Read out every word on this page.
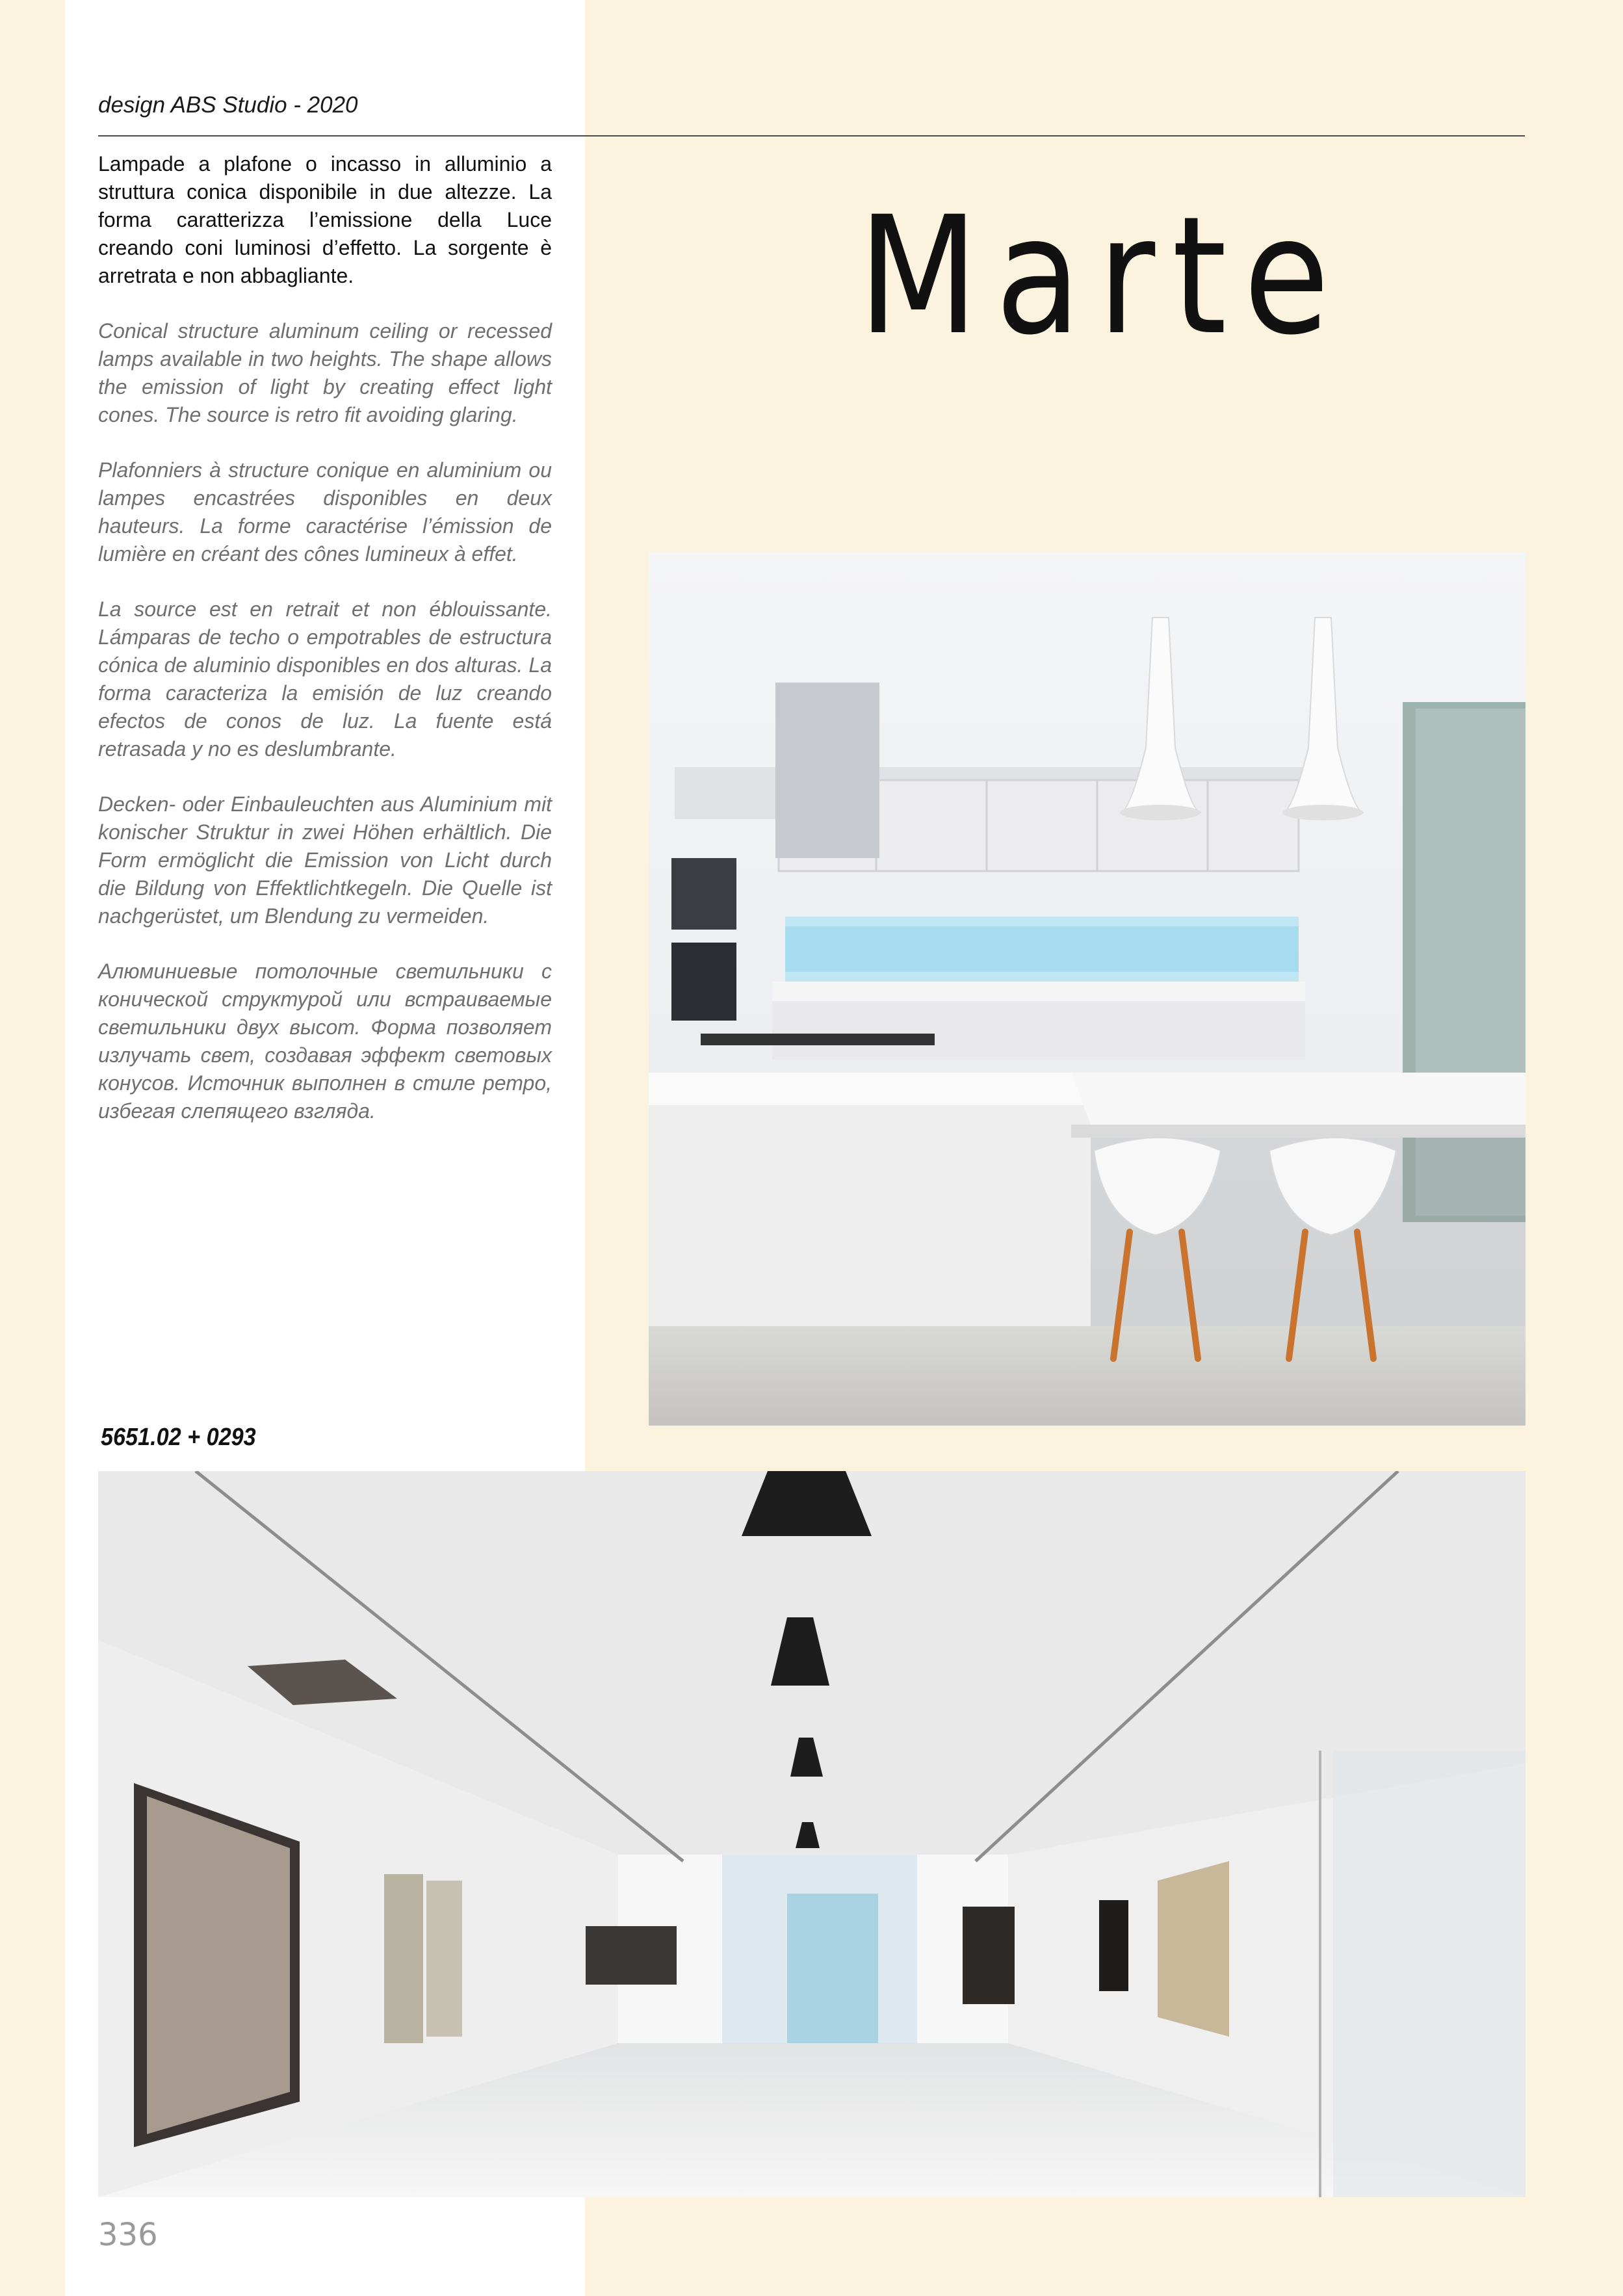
design ABS Studio - 2020
Marte

Lampade a plafone o incasso in alluminio a struttura conica disponibile in due altezze. La forma caratterizza l’emissione della Luce creando coni luminosi d’effetto. La sorgente è arretrata e non abbagliante.

Conical structure aluminum ceiling or recessed lamps available in two heights. The shape allows the emission of light by creating effect light cones. The source is retro fit avoiding glaring.

Plafonniers à structure conique en aluminium ou lampes encastrées disponibles en deux hauteurs. La forme caractérise l’émission de lumière en créant des cônes lumineux à effet.

La source est en retrait et non éblouissante. Lámparas de techo o empotrables de estructura cónica de aluminio disponibles en dos alturas. La forma caracteriza la emisión de luz creando efectos de conos de luz. La fuente está retrasada y no es deslumbrante.

Decken- oder Einbauleuchten aus Aluminium mit konischer Struktur in zwei Höhen erhältlich. Die Form ermöglicht die Emission von Licht durch die Bildung von Effektlichtkegeln. Die Quelle ist nachgerüstet, um Blendung zu vermeiden.

Алюминиевые потолочные светильники с конической структурой или встраиваемые светильники двух высот. Форма позволяет излучать свет, создавая эффект световых конусов. Источник выполнен в стиле ретро, избегая слепящего взгляда.

5651.02 + 0293
336
